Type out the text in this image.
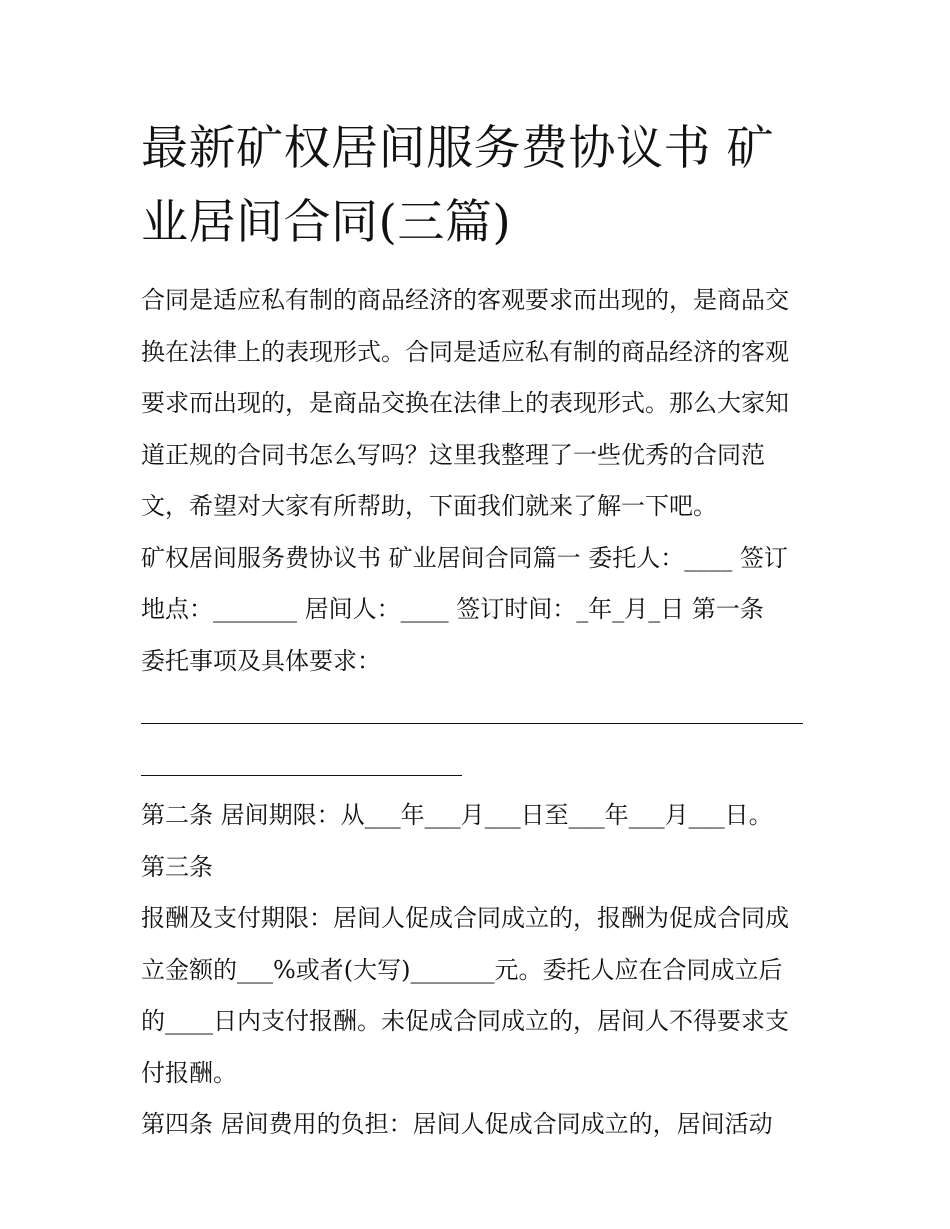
最新矿权居间服务费协议书 矿
业居间合同(三篇)
合同是适应私有制的商品经济的客观要求而出现的，是商品交
换在法律上的表现形式。合同是适应私有制的商品经济的客观
要求而出现的，是商品交换在法律上的表现形式。那么大家知
道正规的合同书怎么写吗？这里我整理了一些优秀的合同范
文，希望对大家有所帮助，下面我们就来了解一下吧。
矿权居间服务费协议书 矿业居间合同篇一 委托人：____ 签订
地点：_______ 居间人：____ 签订时间：_年_月_日 第一条
委托事项及具体要求：
第二条 居间期限：从___年___月___日至___年___月___日。
第三条
报酬及支付期限：居间人促成合同成立的，报酬为促成合同成
立金额的___%或者(大写)_______元。委托人应在合同成立后
的____日内支付报酬。未促成合同成立的，居间人不得要求支
付报酬。
第四条 居间费用的负担：居间人促成合同成立的，居间活动
